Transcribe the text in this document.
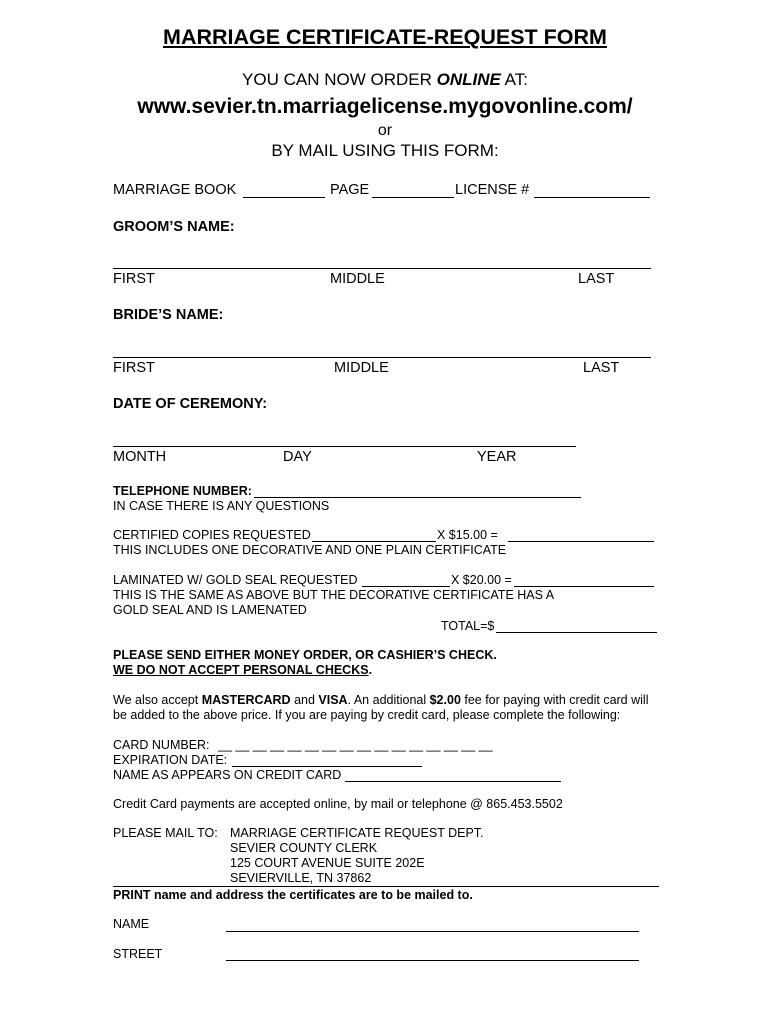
MARRIAGE CERTIFICATE-REQUEST FORM
YOU CAN NOW ORDER ONLINE AT:
www.sevier.tn.marriagelicense.mygovonline.com/
or
BY MAIL USING THIS FORM:
MARRIAGE BOOK	PAGE	LICENSE #
GROOM’S NAME:
FIRST	MIDDLE	LAST
BRIDE’S NAME:
FIRST	MIDDLE	LAST
DATE OF CEREMONY:
MONTH	DAY	YEAR
TELEPHONE NUMBER:
IN CASE THERE IS ANY QUESTIONS
CERTIFIED COPIES REQUESTED	X $15.00 =
THIS INCLUDES ONE DECORATIVE AND ONE PLAIN CERTIFICATE
LAMINATED W/ GOLD SEAL REQUESTED	X $20.00 =
THIS IS THE SAME AS ABOVE BUT THE DECORATIVE CERTIFICATE HAS A
GOLD SEAL AND IS LAMENATED
TOTAL=$
PLEASE SEND EITHER MONEY ORDER, OR CASHIER’S CHECK.
WE DO NOT ACCEPT PERSONAL CHECKS.
We also accept MASTERCARD and VISA. An additional $2.00 fee for paying with credit card will
be added to the above price. If you are paying by credit card, please complete the following:
CARD NUMBER: __ __ __ __ __ __ __ __ __ __ __ __ __ __ __ __
EXPIRATION DATE:
NAME AS APPEARS ON CREDIT CARD
Credit Card payments are accepted online, by mail or telephone @ 865.453.5502
PLEASE MAIL TO: MARRIAGE CERTIFICATE REQUEST DEPT.
SEVIER COUNTY CLERK
125 COURT AVENUE SUITE 202E
SEVIERVILLE, TN 37862
PRINT name and address the certificates are to be mailed to.
NAME
STREET
